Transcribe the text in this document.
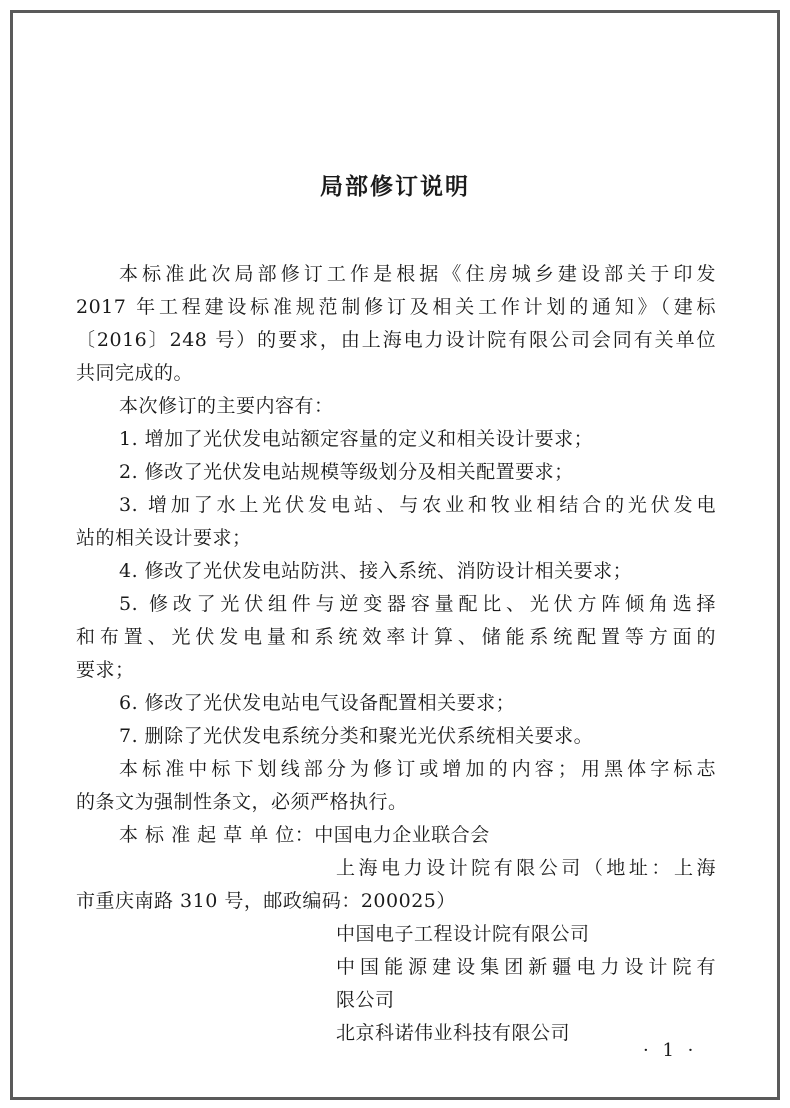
局部修订说明
本标准此次局部修订工作是根据《住房城乡建设部关于印发
2017 年工程建设标准规范制修订及相关工作计划的通知》（建标
〔2016〕248 号）的要求，由上海电力设计院有限公司会同有关单位
共同完成的。
本次修订的主要内容有：
1. 增加了光伏发电站额定容量的定义和相关设计要求；
2. 修改了光伏发电站规模等级划分及相关配置要求；
3. 增加了水上光伏发电站、与农业和牧业相结合的光伏发电
站的相关设计要求；
4. 修改了光伏发电站防洪、接入系统、消防设计相关要求；
5. 修改了光伏组件与逆变器容量配比、光伏方阵倾角选择
和布置、光伏发电量和系统效率计算、储能系统配置等方面的
要求；
6. 修改了光伏发电站电气设备配置相关要求；
7. 删除了光伏发电系统分类和聚光光伏系统相关要求。
本标准中标下划线部分为修订或增加的内容；用黑体字标志
的条文为强制性条文，必须严格执行。
本 标 准 起 草 单 位：中国电力企业联合会
上海电力设计院有限公司（地址：上海
市重庆南路 310 号，邮政编码：200025）
中国电子工程设计院有限公司
中国能源建设集团新疆电力设计院有
限公司
北京科诺伟业科技有限公司
· 1 ·
